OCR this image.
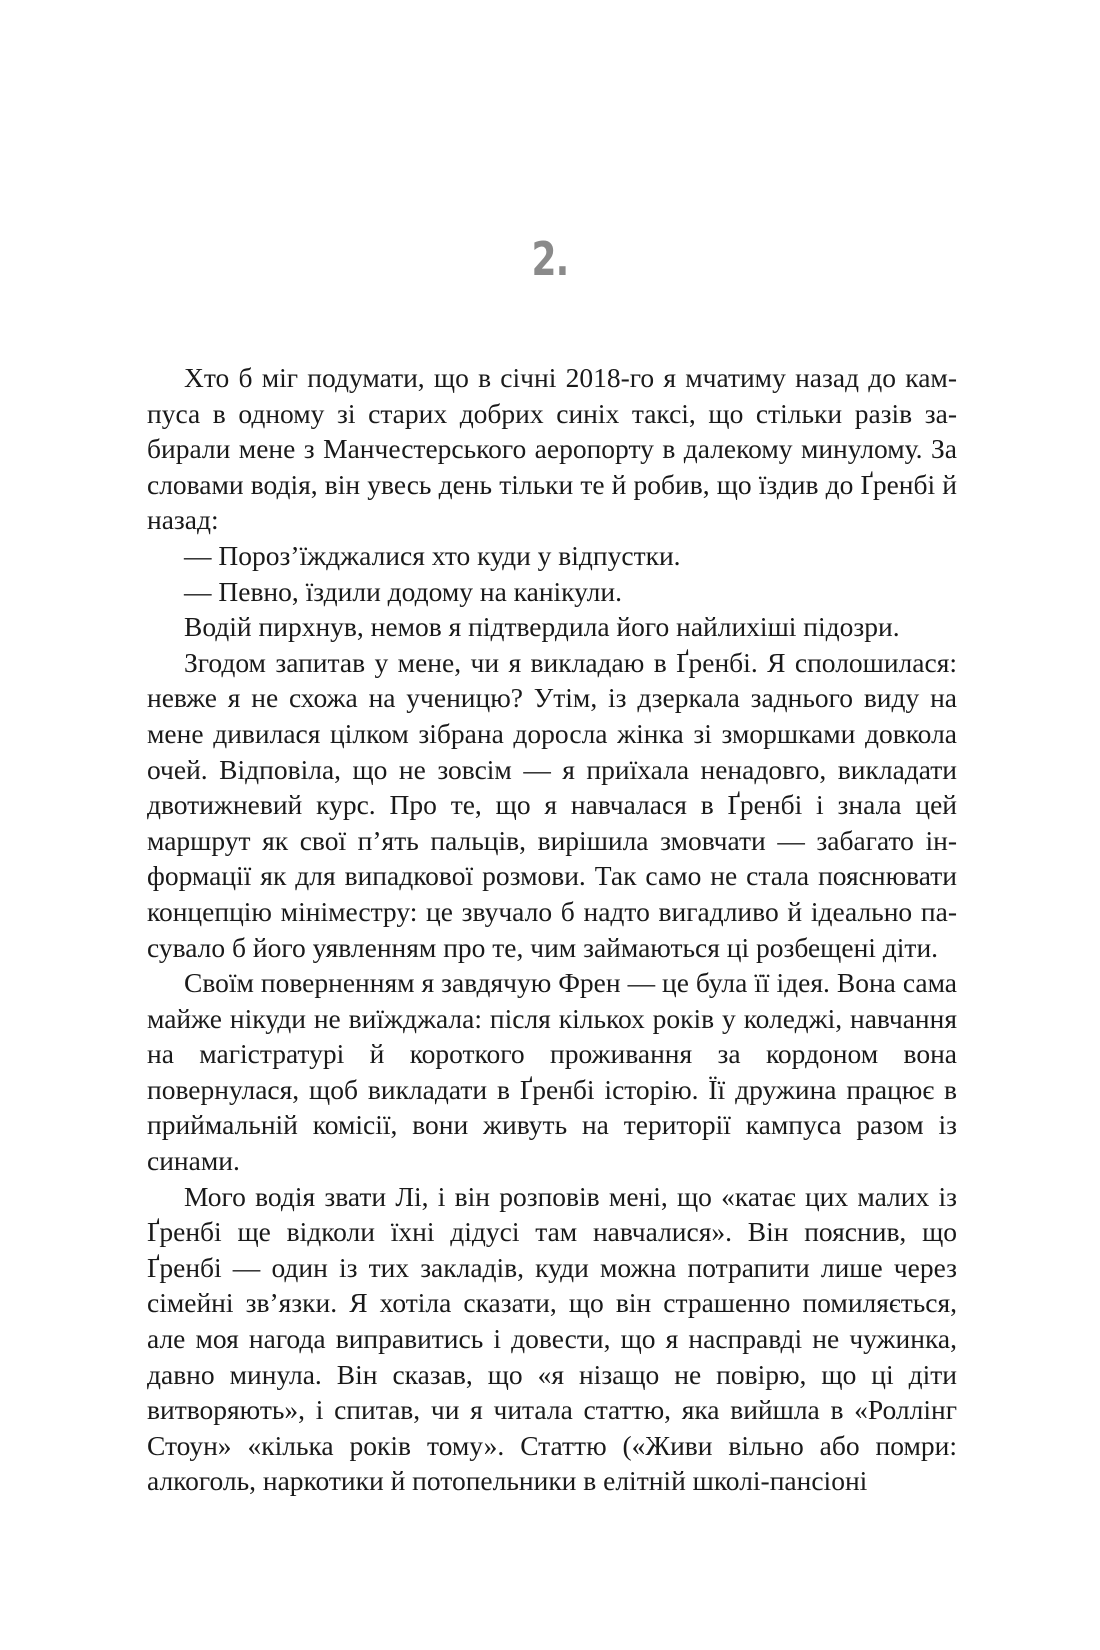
2.

Хто б міг подумати, що в січні 2018-го я мчатиму назад до кампуса в одному зі старих добрих синіх таксі, що стільки разів забирали мене з Манчестерського аеропорту в далекому минулому. За словами водія, він увесь день тільки те й робив, що їздив до Ґренбі й назад:

— Пороз’їжджалися хто куди у відпустки.

— Певно, їздили додому на канікули.

Водій пирхнув, немов я підтвердила його найлихіші підозри.

Згодом запитав у мене, чи я викладаю в Ґренбі. Я сполошилася: невже я не схожа на ученицю? Утім, із дзеркала заднього виду на мене дивилася цілком зібрана доросла жінка зі зморшками довкола очей. Відповіла, що не зовсім — я приїхала ненадовго, викладати двотижневий курс. Про те, що я навчалася в Ґренбі і знала цей маршрут як свої п’ять пальців, вирішила змовчати — забагато інформації як для випадкової розмови. Так само не стала пояснювати концепцію мініместру: це звучало б надто вигадливо й ідеально пасувало б його уявленням про те, чим займаються ці розбещені діти.

Своїм поверненням я завдячую Френ — це була її ідея. Вона сама майже нікуди не виїжджала: після кількох років у коледжі, навчання на магістратурі й короткого проживання за кордоном вона повернулася, щоб викладати в Ґренбі історію. Її дружина працює в приймальній комісії, вони живуть на території кампуса разом із синами.

Мого водія звати Лі, і він розповів мені, що «катає цих малих із Ґренбі ще відколи їхні дідусі там навчалися». Він пояснив, що Ґренбі — один із тих закладів, куди можна потрапити лише через сімейні зв’язки. Я хотіла сказати, що він страшенно помиляється, але моя нагода виправитись і довести, що я насправді не чужинка, давно минула. Він сказав, що «я нізащо не повірю, що ці діти витворяють», і спитав, чи я читала статтю, яка вийшла в «Роллінг Стоун» «кілька років тому». Статтю («Живи вільно або помри: алкоголь, наркотики й потопельники в елітній школі-пансіоні
